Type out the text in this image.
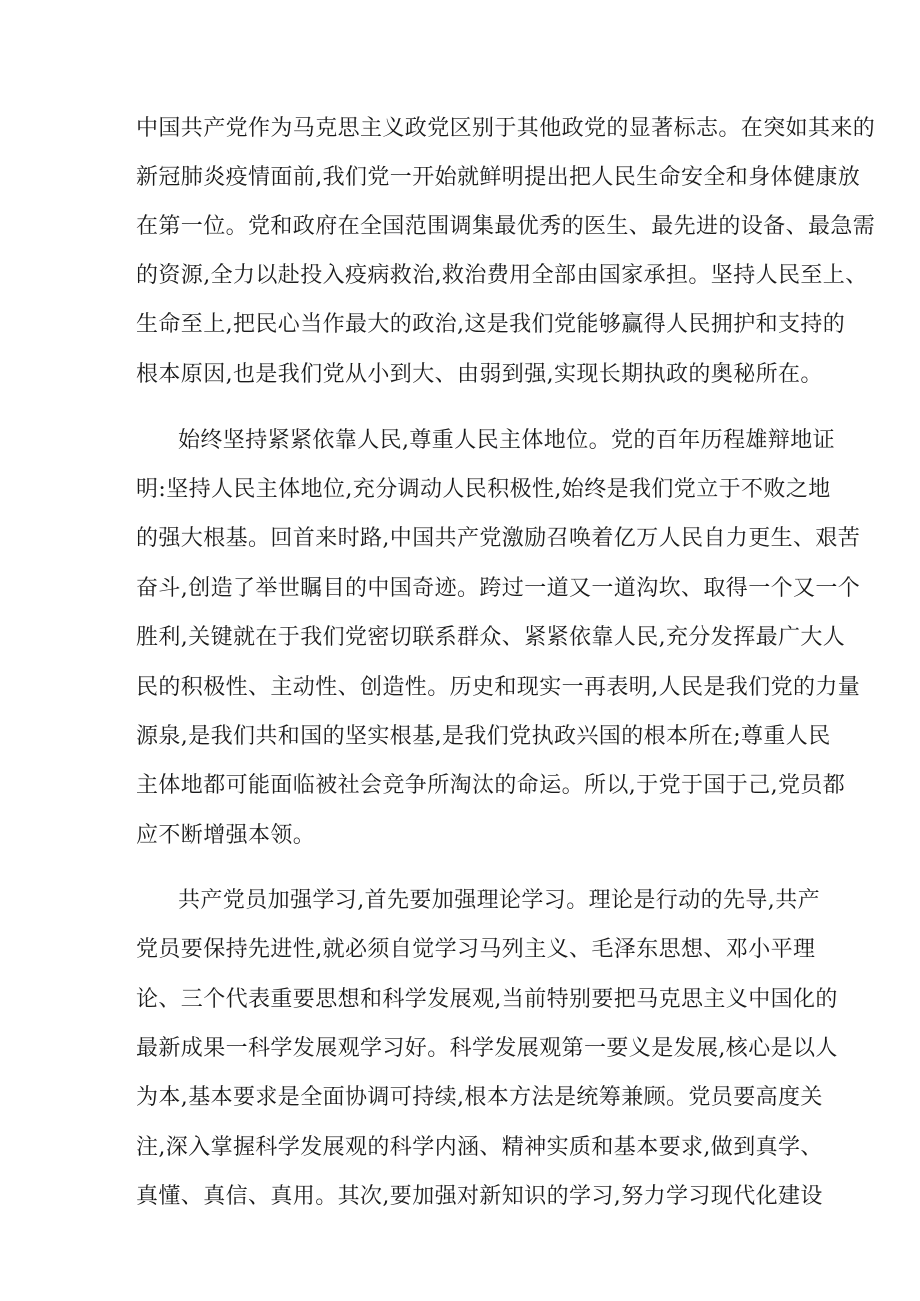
中国共产党作为马克思主义政党区别于其他政党的显著标志。在突如其来的
新冠肺炎疫情面前,我们党一开始就鲜明提出把人民生命安全和身体健康放
在第一位。党和政府在全国范围调集最优秀的医生、最先进的设备、最急需
的资源,全力以赴投入疫病救治,救治费用全部由国家承担。坚持人民至上、
生命至上,把民心当作最大的政治,这是我们党能够赢得人民拥护和支持的
根本原因,也是我们党从小到大、由弱到强,实现长期执政的奥秘所在。
始终坚持紧紧依靠人民,尊重人民主体地位。党的百年历程雄辩地证
明:坚持人民主体地位,充分调动人民积极性,始终是我们党立于不败之地
的强大根基。回首来时路,中国共产党激励召唤着亿万人民自力更生、艰苦
奋斗,创造了举世瞩目的中国奇迹。跨过一道又一道沟坎、取得一个又一个
胜利,关键就在于我们党密切联系群众、紧紧依靠人民,充分发挥最广大人
民的积极性、主动性、创造性。历史和现实一再表明,人民是我们党的力量
源泉,是我们共和国的坚实根基,是我们党执政兴国的根本所在;尊重人民
主体地都可能面临被社会竞争所淘汰的命运。所以,于党于国于己,党员都
应不断增强本领。
共产党员加强学习,首先要加强理论学习。理论是行动的先导,共产
党员要保持先进性,就必须自觉学习马列主义、毛泽东思想、邓小平理
论、三个代表重要思想和科学发展观,当前特别要把马克思主义中国化的
最新成果一科学发展观学习好。科学发展观第一要义是发展,核心是以人
为本,基本要求是全面协调可持续,根本方法是统筹兼顾。党员要高度关
注,深入掌握科学发展观的科学内涵、精神实质和基本要求,做到真学、
真懂、真信、真用。其次,要加强对新知识的学习,努力学习现代化建设
